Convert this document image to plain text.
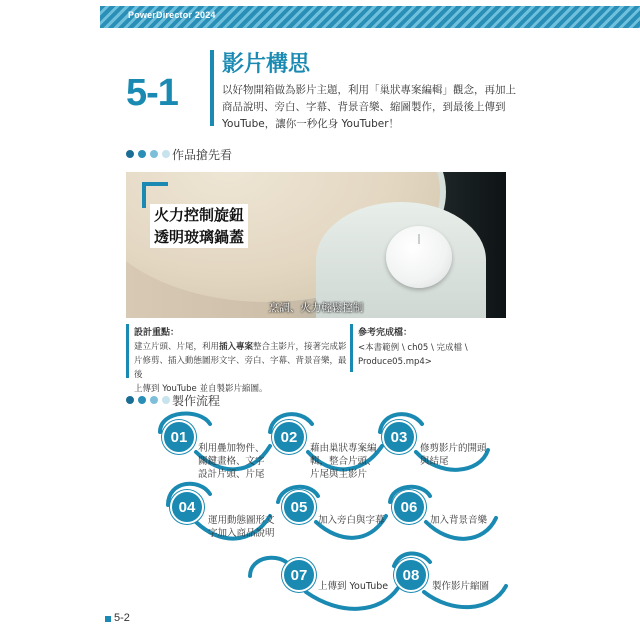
PowerDirector 2024
5-1
影片構思
以好物開箱做為影片主題，利用「巢狀專案編輯」觀念，再加上
商品說明、旁白、字幕、背景音樂、縮圖製作，到最後上傳到
YouTube，讓你一秒化身 YouTuber！
作品搶先看
火力控制旋鈕
透明玻璃鍋蓋
烹調、火力輕鬆控制
設計重點：
建立片頭、片尾，利用插入專案整合主影片，接著完成影
片修剪、插入動態圖形文字、旁白、字幕、背景音樂，最後
上傳到 YouTube 並自製影片縮圖。
參考完成檔：
<本書範例 \ ch05 \ 完成檔 \ Produce05.mp4>
製作流程
01
利用疊加物件、
關鍵畫格、文字
設計片頭、片尾
02
藉由巢狀專案編
輯，整合片頭、
片尾與主影片
03
修剪影片的開頭
與結尾
04
運用動態圖形文
字加入商品說明
05
加入旁白與字幕
06
加入背景音樂
07
上傳到 YouTube
08
製作影片縮圖
5-2
